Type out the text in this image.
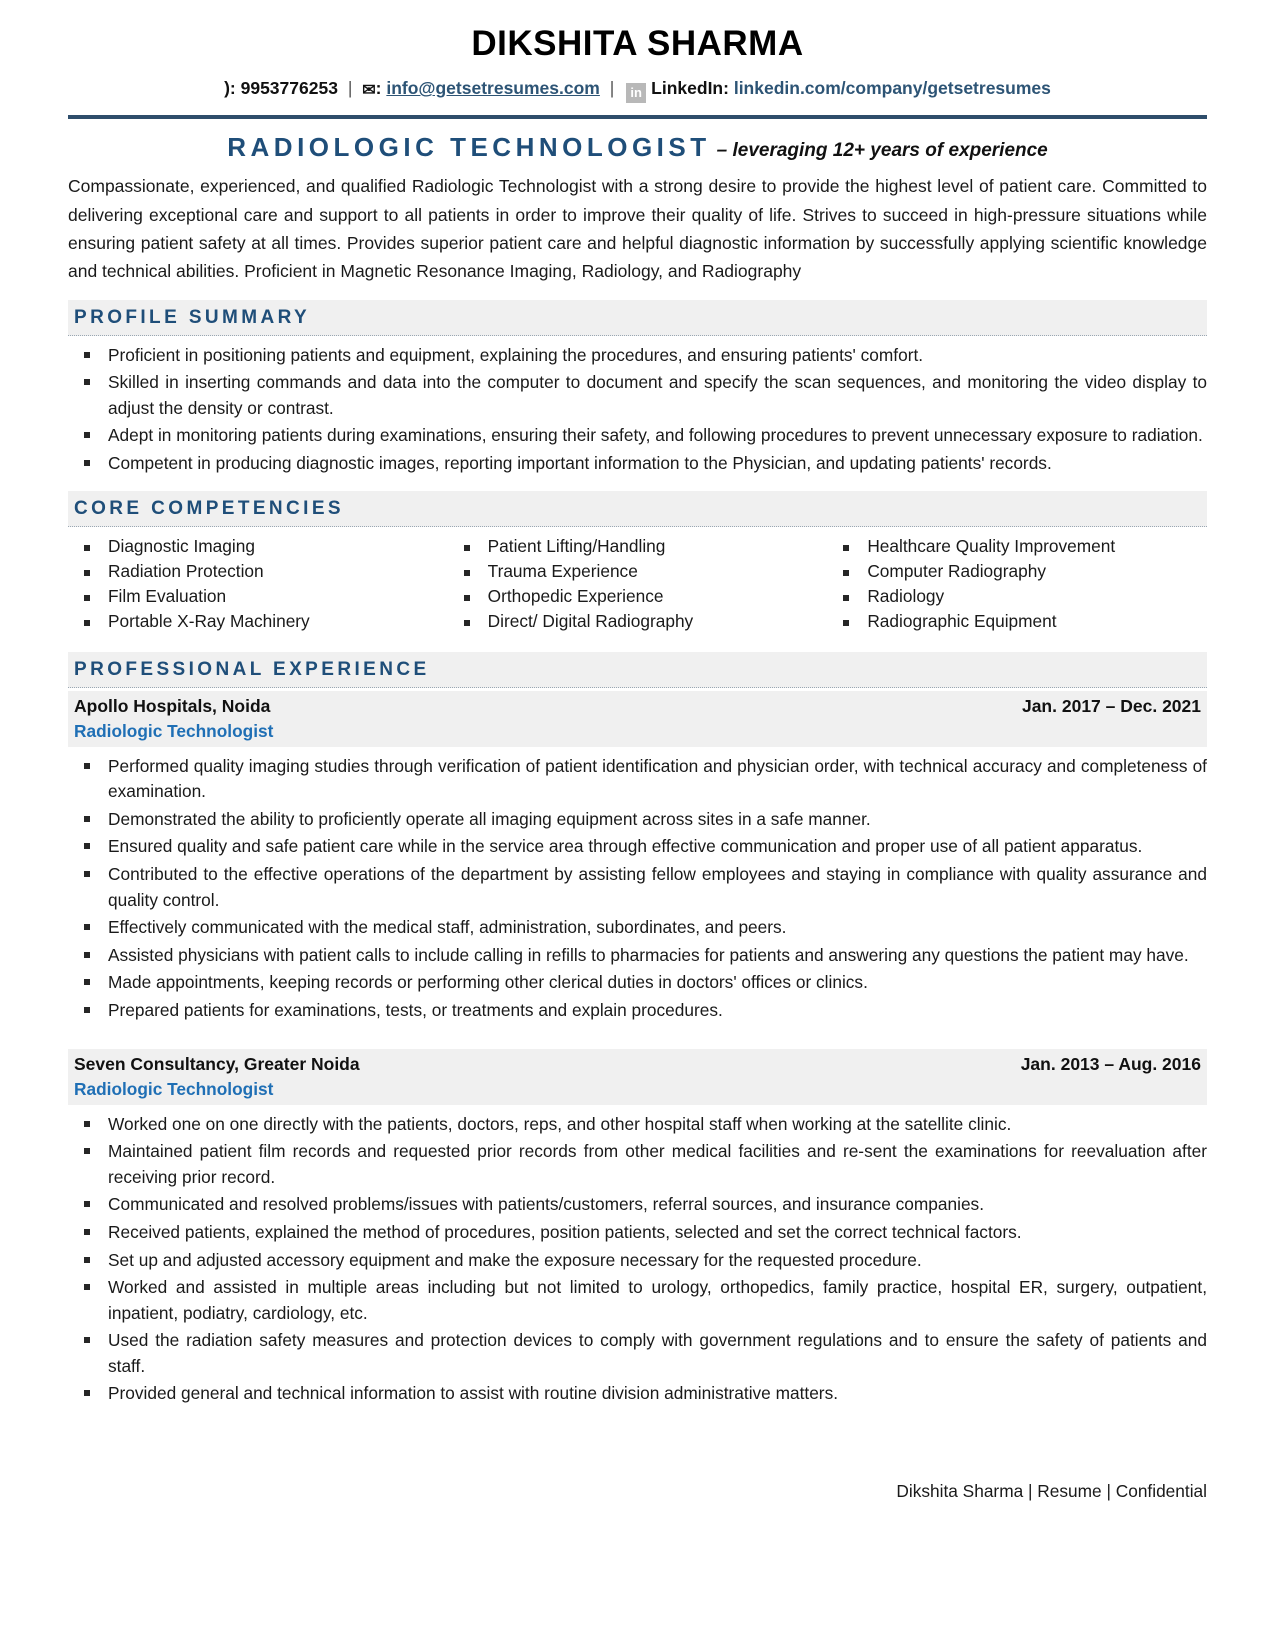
DIKSHITA SHARMA
): 9953776253 | ✉: info@getsetresumes.com | in LinkedIn: linkedin.com/company/getsetresumes
RADIOLOGIC TECHNOLOGIST – leveraging 12+ years of experience
Compassionate, experienced, and qualified Radiologic Technologist with a strong desire to provide the highest level of patient care. Committed to delivering exceptional care and support to all patients in order to improve their quality of life. Strives to succeed in high-pressure situations while ensuring patient safety at all times. Provides superior patient care and helpful diagnostic information by successfully applying scientific knowledge and technical abilities. Proficient in Magnetic Resonance Imaging, Radiology, and Radiography
PROFILE SUMMARY
Proficient in positioning patients and equipment, explaining the procedures, and ensuring patients' comfort.
Skilled in inserting commands and data into the computer to document and specify the scan sequences, and monitoring the video display to adjust the density or contrast.
Adept in monitoring patients during examinations, ensuring their safety, and following procedures to prevent unnecessary exposure to radiation.
Competent in producing diagnostic images, reporting important information to the Physician, and updating patients' records.
CORE COMPETENCIES
Diagnostic Imaging	Patient Lifting/Handling	Healthcare Quality Improvement
Radiation Protection	Trauma Experience	Computer Radiography
Film Evaluation	Orthopedic Experience	Radiology
Portable X-Ray Machinery	Direct/ Digital Radiography	Radiographic Equipment
PROFESSIONAL EXPERIENCE
Apollo Hospitals, Noida	Jan. 2017 – Dec. 2021
Radiologic Technologist
Performed quality imaging studies through verification of patient identification and physician order, with technical accuracy and completeness of examination.
Demonstrated the ability to proficiently operate all imaging equipment across sites in a safe manner.
Ensured quality and safe patient care while in the service area through effective communication and proper use of all patient apparatus.
Contributed to the effective operations of the department by assisting fellow employees and staying in compliance with quality assurance and quality control.
Effectively communicated with the medical staff, administration, subordinates, and peers.
Assisted physicians with patient calls to include calling in refills to pharmacies for patients and answering any questions the patient may have.
Made appointments, keeping records or performing other clerical duties in doctors' offices or clinics.
Prepared patients for examinations, tests, or treatments and explain procedures.
Seven Consultancy, Greater Noida	Jan. 2013 – Aug. 2016
Radiologic Technologist
Worked one on one directly with the patients, doctors, reps, and other hospital staff when working at the satellite clinic.
Maintained patient film records and requested prior records from other medical facilities and re-sent the examinations for reevaluation after receiving prior record.
Communicated and resolved problems/issues with patients/customers, referral sources, and insurance companies.
Received patients, explained the method of procedures, position patients, selected and set the correct technical factors.
Set up and adjusted accessory equipment and make the exposure necessary for the requested procedure.
Worked and assisted in multiple areas including but not limited to urology, orthopedics, family practice, hospital ER, surgery, outpatient, inpatient, podiatry, cardiology, etc.
Used the radiation safety measures and protection devices to comply with government regulations and to ensure the safety of patients and staff.
Provided general and technical information to assist with routine division administrative matters.
Dikshita Sharma | Resume | Confidential
